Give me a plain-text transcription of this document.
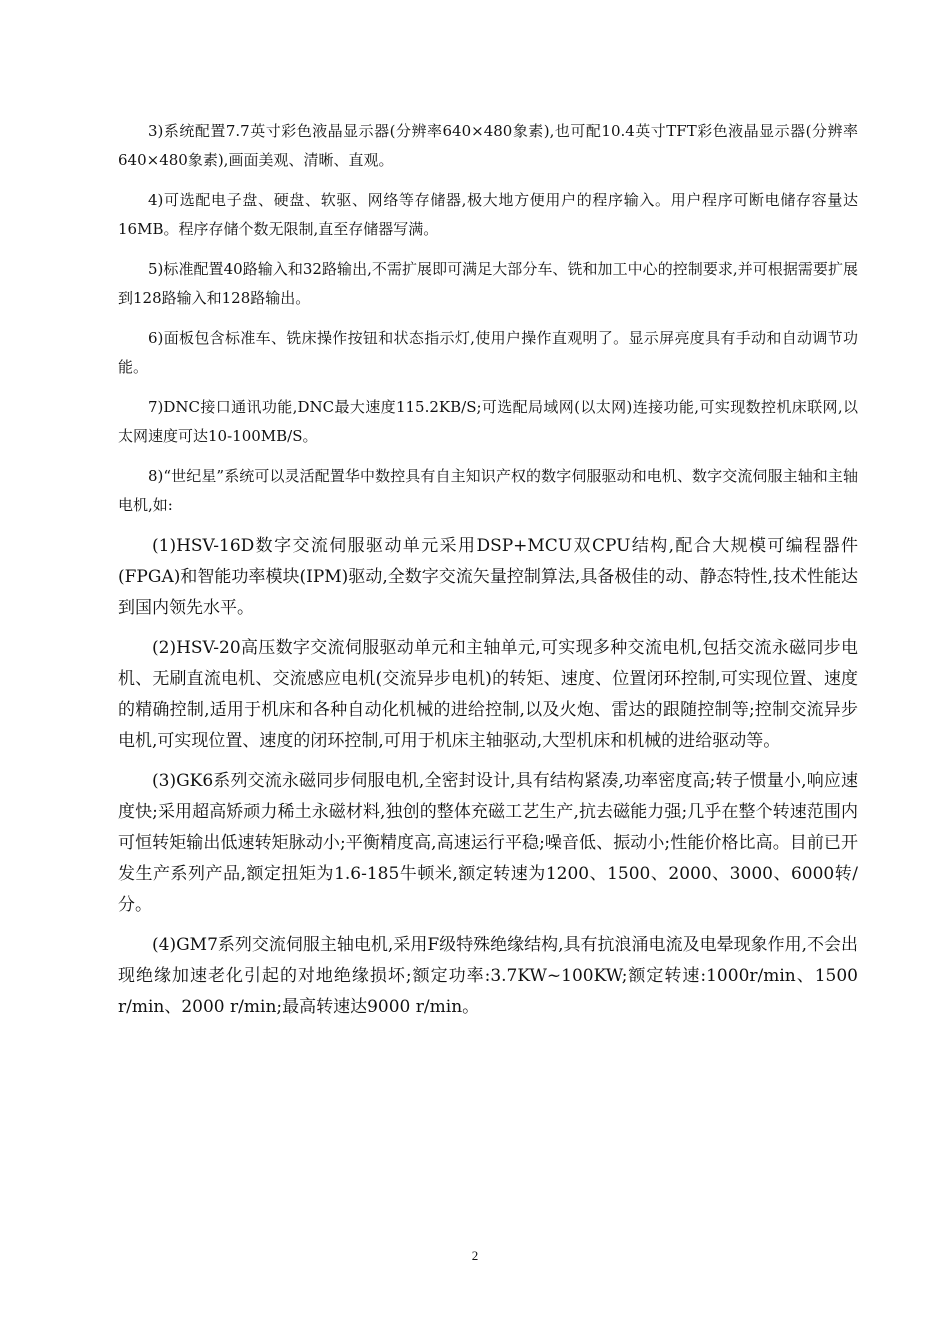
3)系统配置7.7英寸彩色液晶显示器(分辨率640×480象素),也可配10.4英寸TFT彩色液晶显示器(分辨率640×480象素),画面美观、清晰、直观。

4)可选配电子盘、硬盘、软驱、网络等存储器,极大地方便用户的程序输入。用户程序可断电储存容量达16MB。程序存储个数无限制,直至存储器写满。

5)标准配置40路输入和32路输出,不需扩展即可满足大部分车、铣和加工中心的控制要求,并可根据需要扩展到128路输入和128路输出。

6)面板包含标准车、铣床操作按钮和状态指示灯,使用户操作直观明了。显示屏亮度具有手动和自动调节功能。

7)DNC接口通讯功能,DNC最大速度115.2KB/S;可选配局域网(以太网)连接功能,可实现数控机床联网,以太网速度可达10-100MB/S。

8)“世纪星”系统可以灵活配置华中数控具有自主知识产权的数字伺服驱动和电机、数字交流伺服主轴和主轴电机,如:

(1)HSV-16D数字交流伺服驱动单元采用DSP+MCU双CPU结构,配合大规模可编程器件(FPGA)和智能功率模块(IPM)驱动,全数字交流矢量控制算法,具备极佳的动、静态特性,技术性能达到国内领先水平。

(2)HSV-20高压数字交流伺服驱动单元和主轴单元,可实现多种交流电机,包括交流永磁同步电机、无刷直流电机、交流感应电机(交流异步电机)的转矩、速度、位置闭环控制,可实现位置、速度的精确控制,适用于机床和各种自动化机械的进给控制,以及火炮、雷达的跟随控制等;控制交流异步电机,可实现位置、速度的闭环控制,可用于机床主轴驱动,大型机床和机械的进给驱动等。

(3)GK6系列交流永磁同步伺服电机,全密封设计,具有结构紧凑,功率密度高;转子惯量小,响应速度快;采用超高矫顽力稀土永磁材料,独创的整体充磁工艺生产,抗去磁能力强;几乎在整个转速范围内可恒转矩输出低速转矩脉动小;平衡精度高,高速运行平稳;噪音低、振动小;性能价格比高。目前已开发生产系列产品,额定扭矩为1.6-185牛顿米,额定转速为1200、1500、2000、3000、6000转/分。

(4)GM7系列交流伺服主轴电机,采用F级特殊绝缘结构,具有抗浪涌电流及电晕现象作用,不会出现绝缘加速老化引起的对地绝缘损坏;额定功率:3.7KW~100KW;额定转速:1000r/min、1500 r/min、2000 r/min;最高转速达9000 r/min。

2
